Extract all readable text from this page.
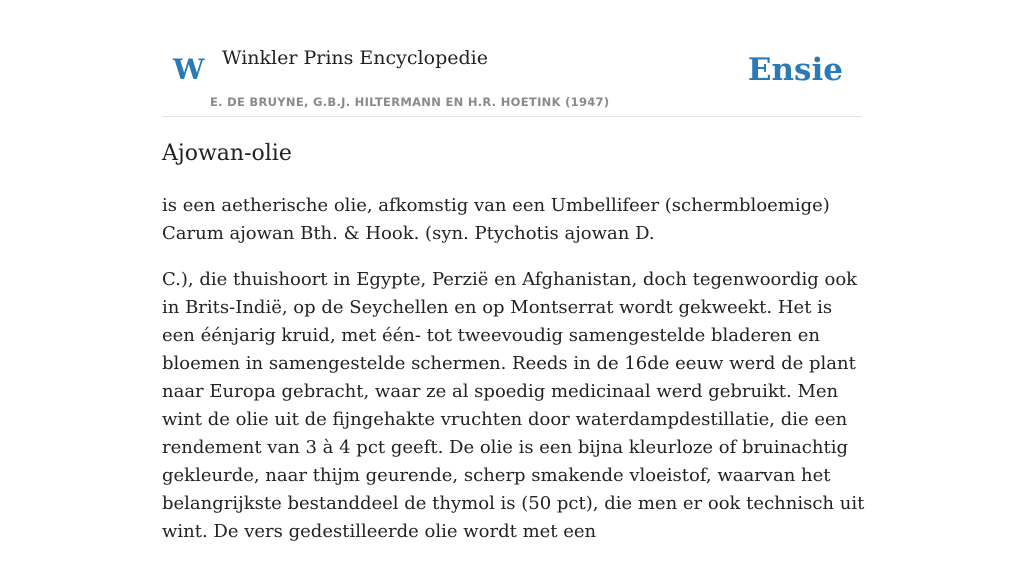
W Winkler Prins Encyclopedie
E. DE BRUYNE, G.B.J. HILTERMANN EN H.R. HOETINK (1947)
Ensie
Ajowan-olie

is een aetherische olie, afkomstig van een Umbellifeer (schermbloemige) Carum ajowan Bth. & Hook. (syn. Ptychotis ajowan D.

C.), die thuishoort in Egypte, Perzië en Afghanistan, doch tegenwoordig ook in Brits-Indië, op de Seychellen en op Montserrat wordt gekweekt. Het is een éénjarig kruid, met één- tot tweevoudig samengestelde bladeren en bloemen in samengestelde schermen. Reeds in de 16de eeuw werd de plant naar Europa gebracht, waar ze al spoedig medicinaal werd gebruikt. Men wint de olie uit de fijngehakte vruchten door waterdampdestillatie, die een rendement van 3 à 4 pct geeft. De olie is een bijna kleurloze of bruinachtig gekleurde, naar thijm geurende, scherp smakende vloeistof, waarvan het belangrijkste bestanddeel de thymol is (50 pct), die men er ook technisch uit wint. De vers gedestilleerde olie wordt met een
